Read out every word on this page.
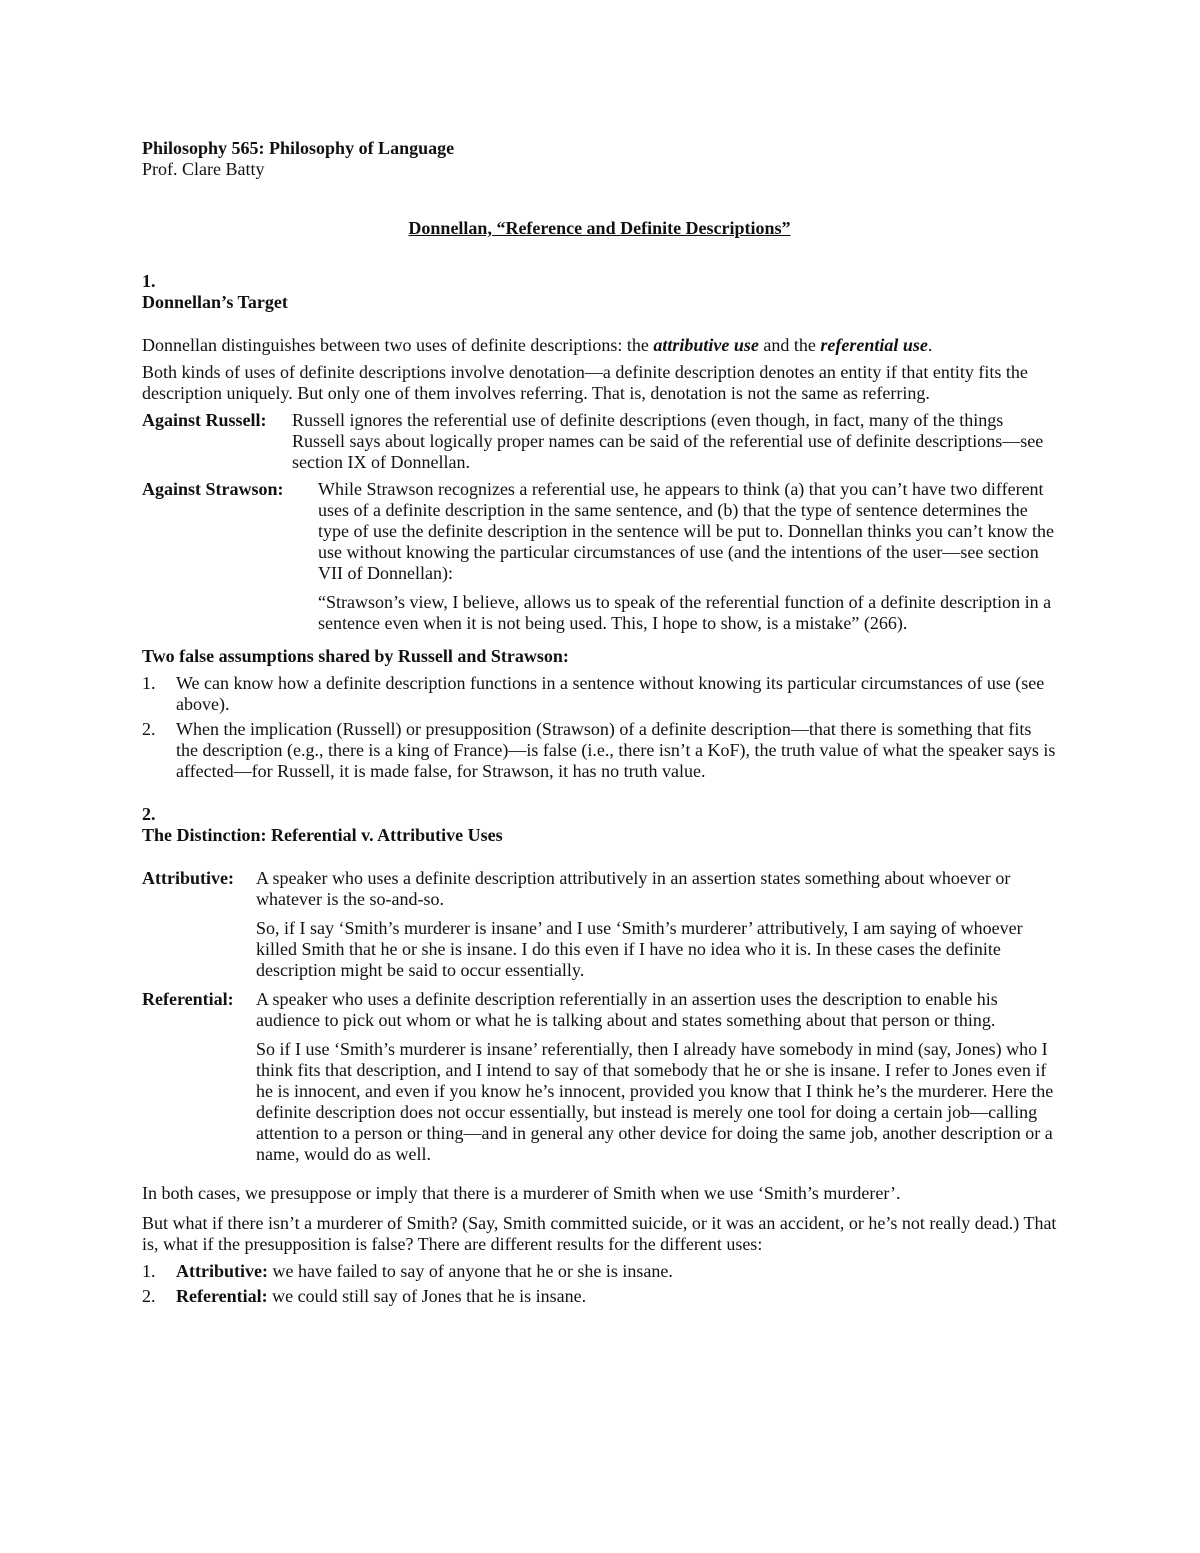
Philosophy 565: Philosophy of Language

Prof. Clare Batty

Donnellan, “Reference and Definite Descriptions”

1.

Donnellan’s Target

Donnellan distinguishes between two uses of definite descriptions: the attributive use and the referential use.

Both kinds of uses of definite descriptions involve denotation—a definite description denotes an entity if that entity fits the description uniquely. But only one of them involves referring. That is, denotation is not the same as referring.

Against Russell:	Russell ignores the referential use of definite descriptions (even though, in fact, many of the things Russell says about logically proper names can be said of the referential use of definite descriptions—see section IX of Donnellan.

Against Strawson:	While Strawson recognizes a referential use, he appears to think (a) that you can’t have two different uses of a definite description in the same sentence, and (b) that the type of sentence determines the type of use the definite description in the sentence will be put to. Donnellan thinks you can’t know the use without knowing the particular circumstances of use (and the intentions of the user—see section VII of Donnellan):

“Strawson’s view, I believe, allows us to speak of the referential function of a definite description in a sentence even when it is not being used. This, I hope to show, is a mistake” (266).

Two false assumptions shared by Russell and Strawson:

1.	We can know how a definite description functions in a sentence without knowing its particular circumstances of use (see above).
2.	When the implication (Russell) or presupposition (Strawson) of a definite description—that there is something that fits the description (e.g., there is a king of France)—is false (i.e., there isn’t a KoF), the truth value of what the speaker says is affected—for Russell, it is made false, for Strawson, it has no truth value.

2.

The Distinction: Referential v. Attributive Uses

Attributive:	A speaker who uses a definite description attributively in an assertion states something about whoever or whatever is the so-and-so.

So, if I say ‘Smith’s murderer is insane’ and I use ‘Smith’s murderer’ attributively, I am saying of whoever killed Smith that he or she is insane. I do this even if I have no idea who it is. In these cases the definite description might be said to occur essentially.

Referential:	A speaker who uses a definite description referentially in an assertion uses the description to enable his audience to pick out whom or what he is talking about and states something about that person or thing.

So if I use ‘Smith’s murderer is insane’ referentially, then I already have somebody in mind (say, Jones) who I think fits that description, and I intend to say of that somebody that he or she is insane. I refer to Jones even if he is innocent, and even if you know he’s innocent, provided you know that I think he’s the murderer. Here the definite description does not occur essentially, but instead is merely one tool for doing a certain job—calling attention to a person or thing—and in general any other device for doing the same job, another description or a name, would do as well.

In both cases, we presuppose or imply that there is a murderer of Smith when we use ‘Smith’s murderer’.

But what if there isn’t a murderer of Smith? (Say, Smith committed suicide, or it was an accident, or he’s not really dead.) That is, what if the presupposition is false? There are different results for the different uses:

1.	Attributive: we have failed to say of anyone that he or she is insane.
2.	Referential: we could still say of Jones that he is insane.
